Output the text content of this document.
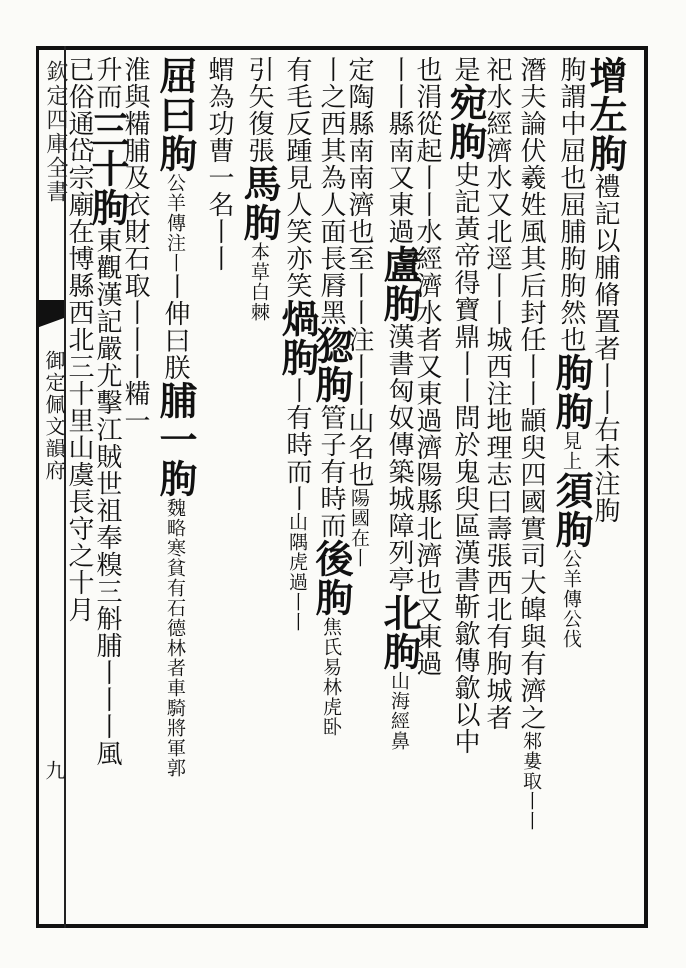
欽定四庫全書
御定佩文韻府
九
增左朐禮記以脯脩置者丨丨右末注朐
朐謂中屈也屈脯朐朐然也朐朐見上須朐公羊傳公伐
潛夫論伏羲姓風其后封任丨丨顓臾四國實司大皥與有濟之邾婁取丨丨
祀水經濟水又北逕丨丨城西注地理志曰壽張西北有朐城者
是宛朐史記黃帝得寶鼎丨丨問於鬼臾區漢書靳歙傳歙以中
也涓從起丨丨水經濟水者又東過濟陽縣北濟也又東過
丨丨縣南又東過盧朐漢書匈奴傳築城障列亭北朐山海經鼻
定陶縣南南濟也至丨丨注丨丨山名也陽國在丨
丨之西其為人面長脣黑㺀朐管子有時而後朐焦氏易林虎卧
有毛反踵見人笑亦笑煱朐丨有時而丨山隅虎過丨丨
引矢復張馬朐本草白棘
蝟為功曹一名丨丨
屈曰朐公羊傳注丨丨伸曰朕脯一朐魏略寒貧有石德林者車騎將軍郭
淮與糒脯及衣財石取丨丨丨糒一
升而三十朐東觀漢記嚴尤擊江賊世祖奉糗三斛脯丨丨丨風
已俗通岱宗廟在博縣西北三十里山虞長守之十月
